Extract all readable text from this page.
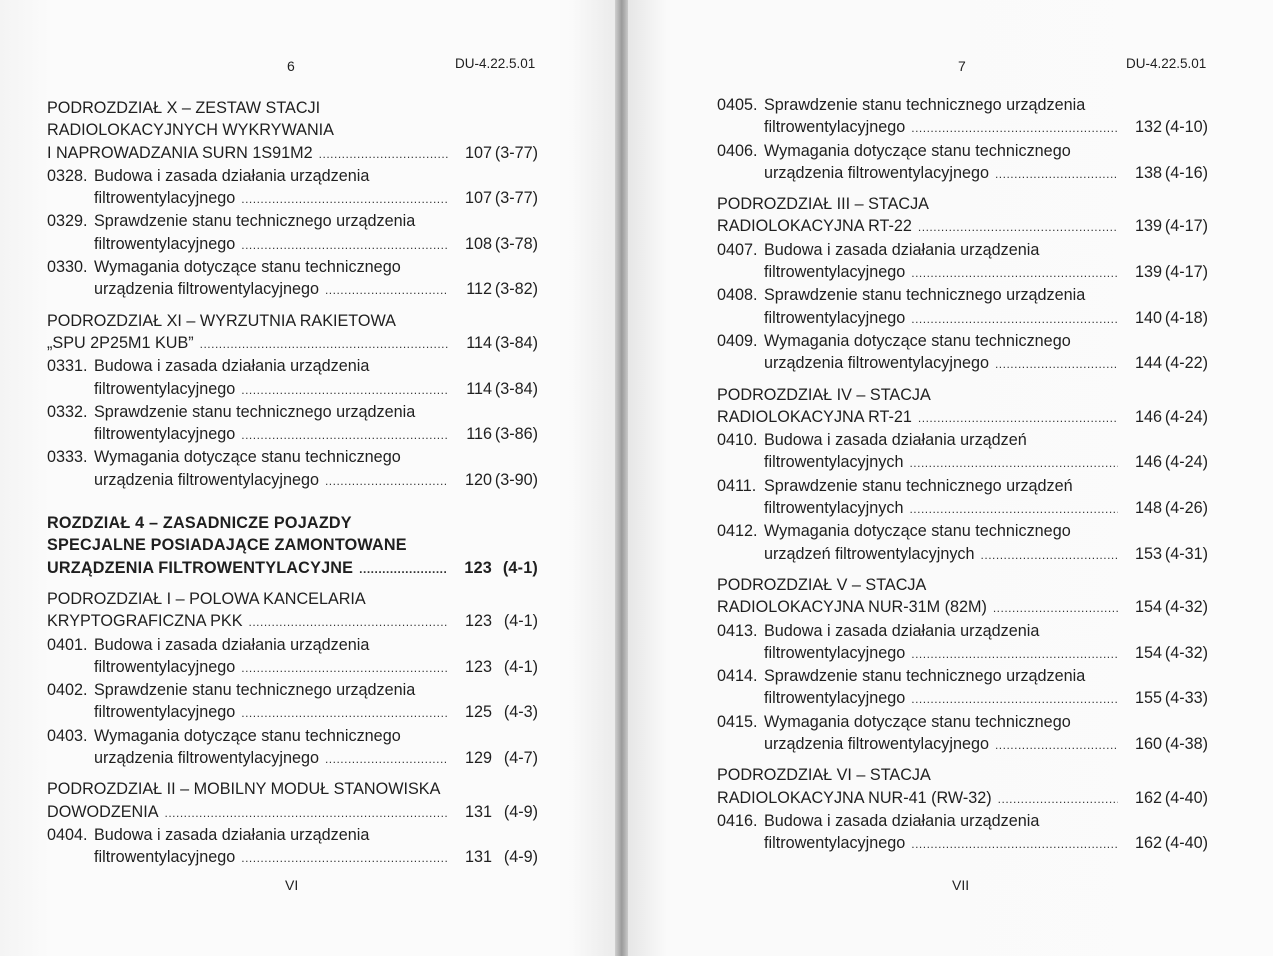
6	DU-4.22.5.01
PODROZDZIAŁ X – ZESTAW STACJI
RADIOLOKACYJNYCH WYKRYWANIA
I NAPROWADZANIA SURN 1S91M2 .....	107 (3-77)
0328. Budowa i zasada działania urządzenia
filtrowentylacyjnego .....	107 (3-77)
0329. Sprawdzenie stanu technicznego urządzenia
filtrowentylacyjnego .....	108 (3-78)
0330. Wymagania dotyczące stanu technicznego
urządzenia filtrowentylacyjnego .....	112 (3-82)
PODROZDZIAŁ XI – WYRZUTNIA RAKIETOWA
„SPU 2P25M1 KUB” .....	114 (3-84)
0331. Budowa i zasada działania urządzenia
filtrowentylacyjnego .....	114 (3-84)
0332. Sprawdzenie stanu technicznego urządzenia
filtrowentylacyjnego .....	116 (3-86)
0333. Wymagania dotyczące stanu technicznego
urządzenia filtrowentylacyjnego .....	120 (3-90)
ROZDZIAŁ 4 – ZASADNICZE POJAZDY
SPECJALNE POSIADAJĄCE ZAMONTOWANE
URZĄDZENIA FILTROWENTYLACYJNE .....	123 (4-1)
PODROZDZIAŁ I – POLOWA KANCELARIA
KRYPTOGRAFICZNA PKK .....	123 (4-1)
0401. Budowa i zasada działania urządzenia
filtrowentylacyjnego .....	123 (4-1)
0402. Sprawdzenie stanu technicznego urządzenia
filtrowentylacyjnego .....	125 (4-3)
0403. Wymagania dotyczące stanu technicznego
urządzenia filtrowentylacyjnego .....	129 (4-7)
PODROZDZIAŁ II – MOBILNY MODUŁ STANOWISKA
DOWODZENIA .....	131 (4-9)
0404. Budowa i zasada działania urządzenia
filtrowentylacyjnego .....	131 (4-9)
VI
7	DU-4.22.5.01
0405. Sprawdzenie stanu technicznego urządzenia
filtrowentylacyjnego .....	132 (4-10)
0406. Wymagania dotyczące stanu technicznego
urządzenia filtrowentylacyjnego .....	138 (4-16)
PODROZDZIAŁ III – STACJA
RADIOLOKACYJNA RT-22 .....	139 (4-17)
0407. Budowa i zasada działania urządzenia
filtrowentylacyjnego .....	139 (4-17)
0408. Sprawdzenie stanu technicznego urządzenia
filtrowentylacyjnego .....	140 (4-18)
0409. Wymagania dotyczące stanu technicznego
urządzenia filtrowentylacyjnego .....	144 (4-22)
PODROZDZIAŁ IV – STACJA
RADIOLOKACYJNA RT-21 .....	146 (4-24)
0410. Budowa i zasada działania urządzeń
filtrowentylacyjnych .....	146 (4-24)
0411. Sprawdzenie stanu technicznego urządzeń
filtrowentylacyjnych .....	148 (4-26)
0412. Wymagania dotyczące stanu technicznego
urządzeń filtrowentylacyjnych .....	153 (4-31)
PODROZDZIAŁ V – STACJA
RADIOLOKACYJNA NUR-31M (82M) .....	154 (4-32)
0413. Budowa i zasada działania urządzenia
filtrowentylacyjnego .....	154 (4-32)
0414. Sprawdzenie stanu technicznego urządzenia
filtrowentylacyjnego .....	155 (4-33)
0415. Wymagania dotyczące stanu technicznego
urządzenia filtrowentylacyjnego .....	160 (4-38)
PODROZDZIAŁ VI – STACJA
RADIOLOKACYJNA NUR-41 (RW-32) .....	162 (4-40)
0416. Budowa i zasada działania urządzenia
filtrowentylacyjnego .....	162 (4-40)
VII
